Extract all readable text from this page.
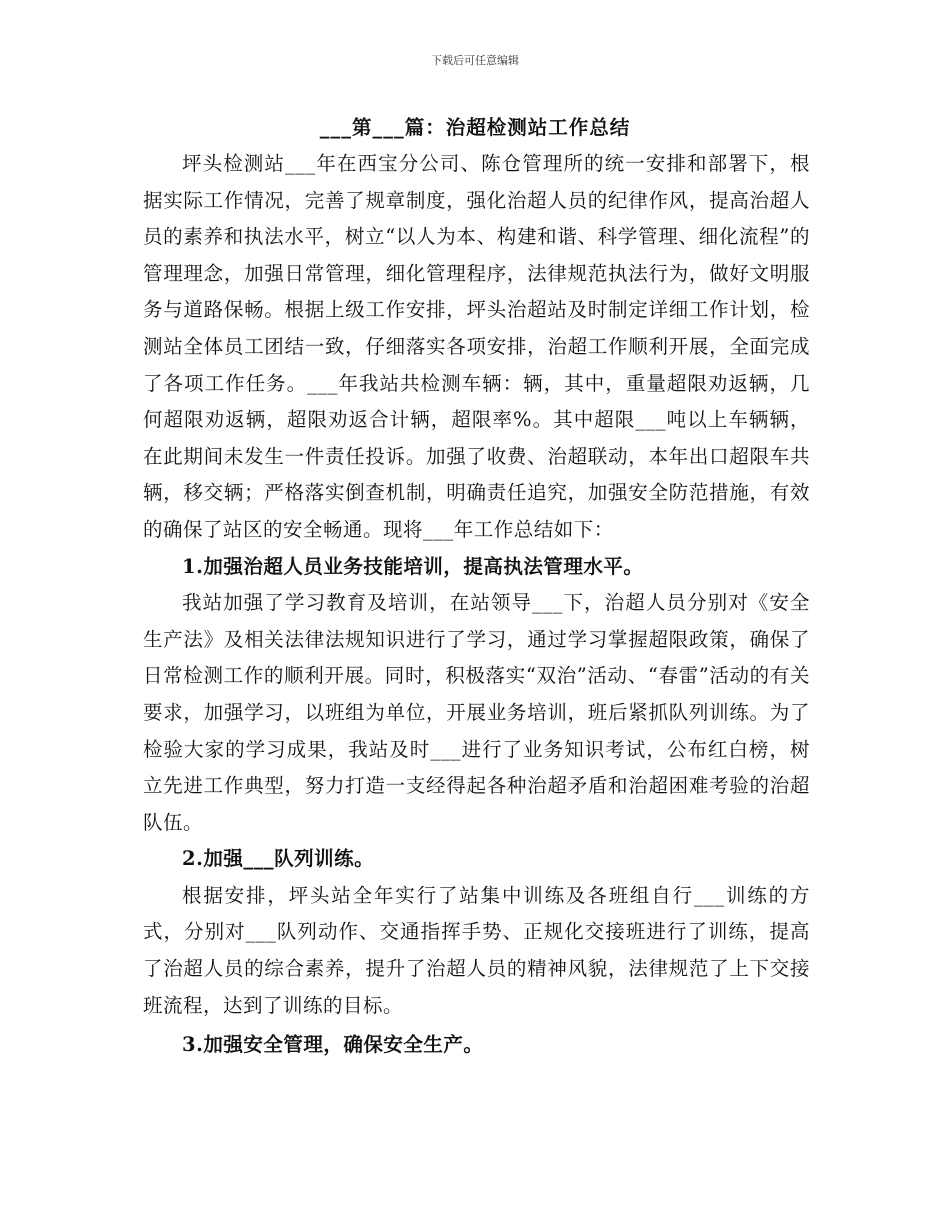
下载后可任意编辑
___第___篇：治超检测站工作总结

坪头检测站___年在西宝分公司、陈仓管理所的统一安排和部署下，根据实际工作情况，完善了规章制度，强化治超人员的纪律作风，提高治超人员的素养和执法水平，树立“以人为本、构建和谐、科学管理、细化流程”的管理理念，加强日常管理，细化管理程序，法律规范执法行为，做好文明服务与道路保畅。根据上级工作安排，坪头治超站及时制定详细工作计划，检测站全体员工团结一致，仔细落实各项安排，治超工作顺利开展，全面完成了各项工作任务。___年我站共检测车辆：辆，其中，重量超限劝返辆，几何超限劝返辆，超限劝返合计辆，超限率%。其中超限___吨以上车辆辆，在此期间未发生一件责任投诉。加强了收费、治超联动，本年出口超限车共辆，移交辆；严格落实倒查机制，明确责任追究，加强安全防范措施，有效的确保了站区的安全畅通。现将___年工作总结如下：

1.加强治超人员业务技能培训，提高执法管理水平。

我站加强了学习教育及培训，在站领导___下，治超人员分别对《安全生产法》及相关法律法规知识进行了学习，通过学习掌握超限政策，确保了日常检测工作的顺利开展。同时，积极落实“双治”活动、“春雷”活动的有关要求，加强学习，以班组为单位，开展业务培训，班后紧抓队列训练。为了检验大家的学习成果，我站及时___进行了业务知识考试，公布红白榜，树立先进工作典型，努力打造一支经得起各种治超矛盾和治超困难考验的治超队伍。

2.加强___队列训练。

根据安排，坪头站全年实行了站集中训练及各班组自行___训练的方式，分别对___队列动作、交通指挥手势、正规化交接班进行了训练，提高了治超人员的综合素养，提升了治超人员的精神风貌，法律规范了上下交接班流程，达到了训练的目标。

3.加强安全管理，确保安全生产。
